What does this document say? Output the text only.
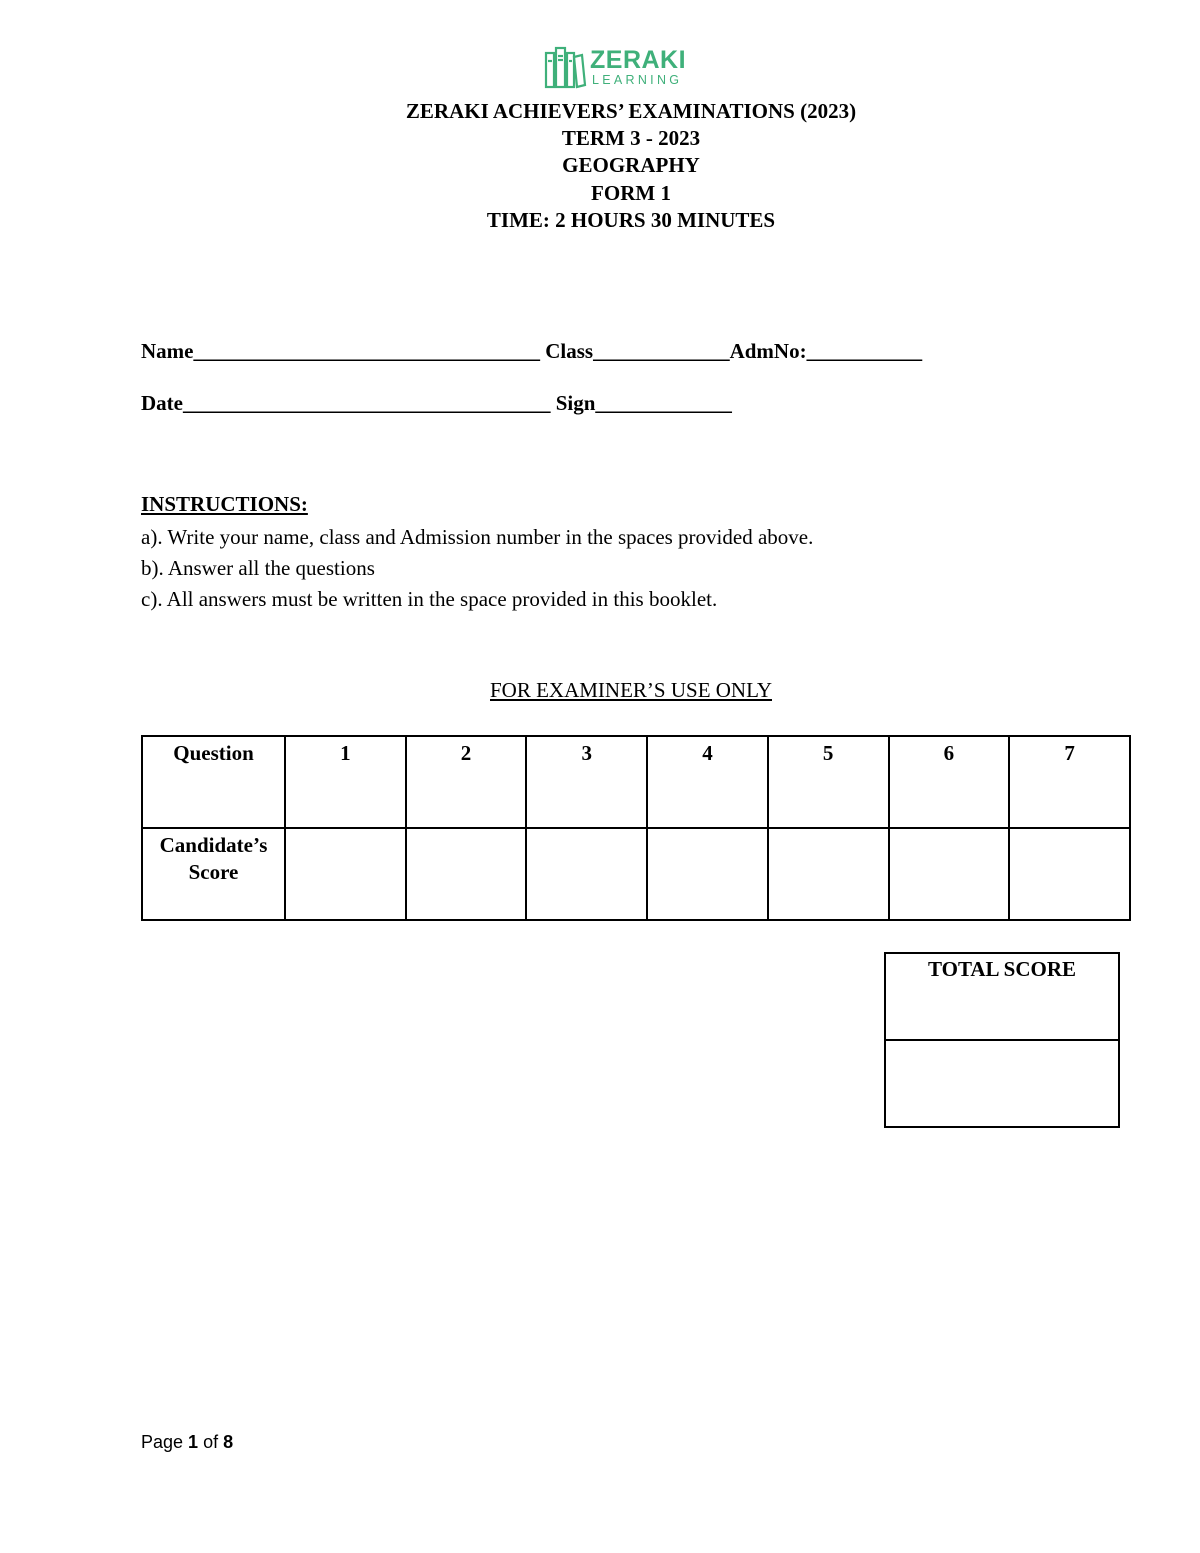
ZERAKI
LEARNING
ZERAKI ACHIEVERS’ EXAMINATIONS (2023)
TERM 3 - 2023
GEOGRAPHY
FORM 1
TIME: 2 HOURS 30 MINUTES
Name_________________________________ Class_____________AdmNo:___________
Date___________________________________ Sign_____________
INSTRUCTIONS:
a). Write your name, class and Admission number in the spaces provided above.
b). Answer all the questions
c). All answers must be written in the space provided in this booklet.
FOR EXAMINER’S USE ONLY
Question	1	2	3	4	5	6	7
Candidate’s Score							
TOTAL SCORE

Page 1 of 8
